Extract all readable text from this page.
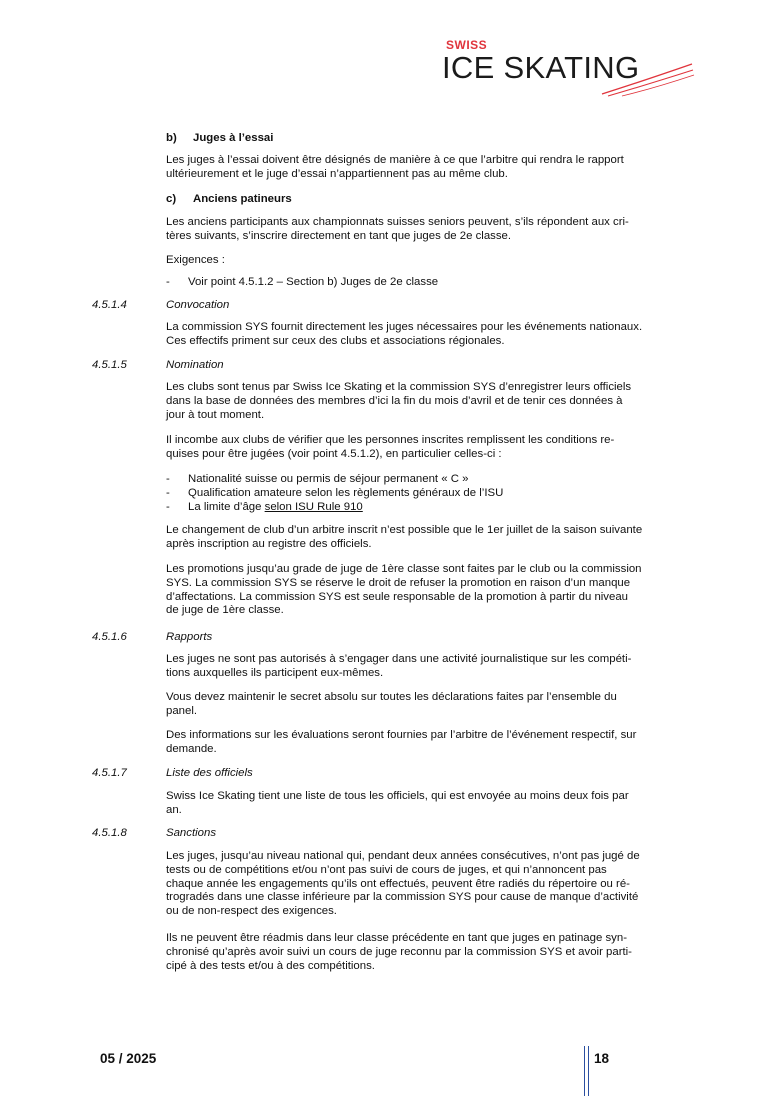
SWISS
ICE SKATING
b) Juges à l’essai
Les juges à l’essai doivent être désignés de manière à ce que l’arbitre qui rendra le rapport
ultérieurement et le juge d’essai n’appartiennent pas au même club.
c) Anciens patineurs
Les anciens participants aux championnats suisses seniors peuvent, s’ils répondent aux cri-
tères suivants, s’inscrire directement en tant que juges de 2e classe.
Exigences :
- Voir point 4.5.1.2 – Section b) Juges de 2e classe
4.5.1.4	Convocation
La commission SYS fournit directement les juges nécessaires pour les événements nationaux.
Ces effectifs priment sur ceux des clubs et associations régionales.
4.5.1.5	Nomination
Les clubs sont tenus par Swiss Ice Skating et la commission SYS d’enregistrer leurs officiels
dans la base de données des membres d’ici la fin du mois d’avril et de tenir ces données à
jour à tout moment.
Il incombe aux clubs de vérifier que les personnes inscrites remplissent les conditions re-
quises pour être jugées (voir point 4.5.1.2), en particulier celles-ci :
- Nationalité suisse ou permis de séjour permanent « C »
- Qualification amateure selon les règlements généraux de l’ISU
- La limite d’âge selon ISU Rule 910
Le changement de club d’un arbitre inscrit n’est possible que le 1er juillet de la saison suivante
après inscription au registre des officiels.
Les promotions jusqu’au grade de juge de 1ère classe sont faites par le club ou la commission
SYS. La commission SYS se réserve le droit de refuser la promotion en raison d’un manque
d’affectations. La commission SYS est seule responsable de la promotion à partir du niveau
de juge de 1ère classe.
4.5.1.6	Rapports
Les juges ne sont pas autorisés à s’engager dans une activité journalistique sur les compéti-
tions auxquelles ils participent eux-mêmes.
Vous devez maintenir le secret absolu sur toutes les déclarations faites par l’ensemble du
panel.
Des informations sur les évaluations seront fournies par l’arbitre de l’événement respectif, sur
demande.
4.5.1.7	Liste des officiels
Swiss Ice Skating tient une liste de tous les officiels, qui est envoyée au moins deux fois par
an.
4.5.1.8	Sanctions
Les juges, jusqu’au niveau national qui, pendant deux années consécutives, n’ont pas jugé de
tests ou de compétitions et/ou n’ont pas suivi de cours de juges, et qui n’annoncent pas
chaque année les engagements qu’ils ont effectués, peuvent être radiés du répertoire ou ré-
trogradés dans une classe inférieure par la commission SYS pour cause de manque d’activité
ou de non-respect des exigences.
Ils ne peuvent être réadmis dans leur classe précédente en tant que juges en patinage syn-
chronisé qu’après avoir suivi un cours de juge reconnu par la commission SYS et avoir parti-
cipé à des tests et/ou à des compétitions.
05 / 2025	18
